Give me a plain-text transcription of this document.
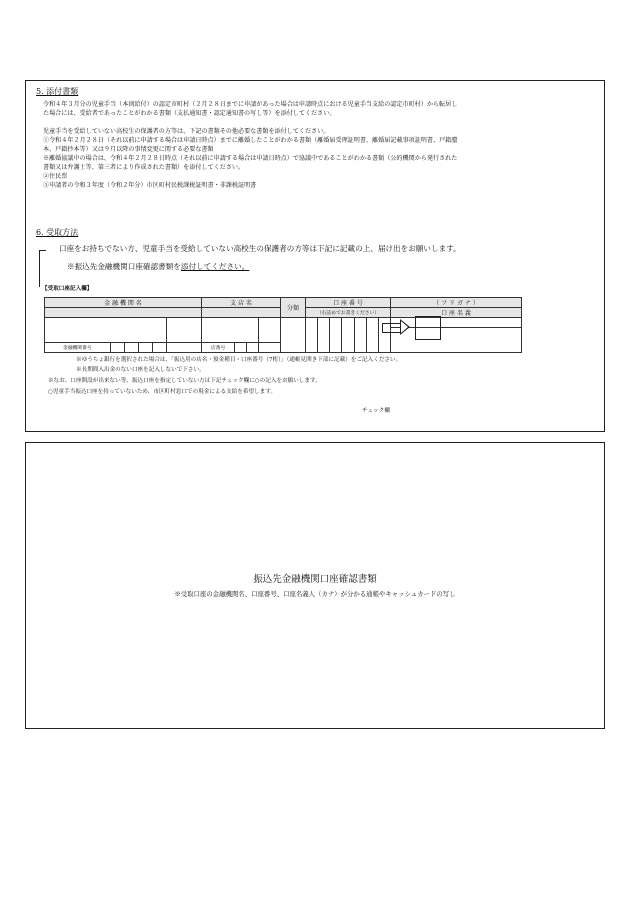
5. 添付書類
令和４年３月分の児童手当（本則給付）の認定市町村（２月２８日までに申請があった場合は申請時点における児童手当支給の認定市町村）から転居し
た場合には、受給者であったことがわかる書類（支払通知書・認定通知書の写し等）を添付してください。

児童手当を受給していない高校生の保護者の方等は、下記の書類その他必要な書類を添付してください。
①令和４年２月２８日（それ以前に申請する場合は申請日時点）までに離婚したことがわかる書類（離婚届受理証明書、離婚届記載事項証明書、戸籍謄
本、戸籍抄本等）又は９月以降の事情変更に関する必要な書類
※離婚協議中の場合は、令和４年２月２８日時点（それ以前に申請する場合は申請日時点）で協議中であることがわかる書類（公的機関から発行された
書類又は弁護士等、第三者により作成された書類）を添付してください。
②住民票
③申請者の令和３年度（令和２年分）市区町村民税課税証明書・非課税証明書
6. 受取方法
口座をお持ちでない方、児童手当を受給していない高校生の保護者の方等は下記に記載の上、届け出をお願いします。
※振込先金融機関口座確認書類を添付してください。
【受取口座記入欄】
金 融 機 関 名						支 店 名				分類	口 座 番 号							（ フ リ ガ ナ ）
											（右詰めでお書きください）							口 座 名 義

金融機関番号						店番号												
※ゆうちょ銀行を選択された場合は、「振込用の店名・預金種目・口座番号（7桁）」（通帳見開き下部に記載）をご記入ください。
※長期間入出金のない口座を記入しないで下さい。
※なお、口座開設が出来ない等、振込口座を指定していない方は下記チェック欄に○の記入をお願いします。
○児童手当振込口座を持っていないため、市区町村窓口での現金による支給を希望します。
チェック欄
振込先金融機関口座確認書類
※受取口座の金融機関名、口座番号、口座名義人（カナ）が分かる通帳やキャッシュカードの写し
